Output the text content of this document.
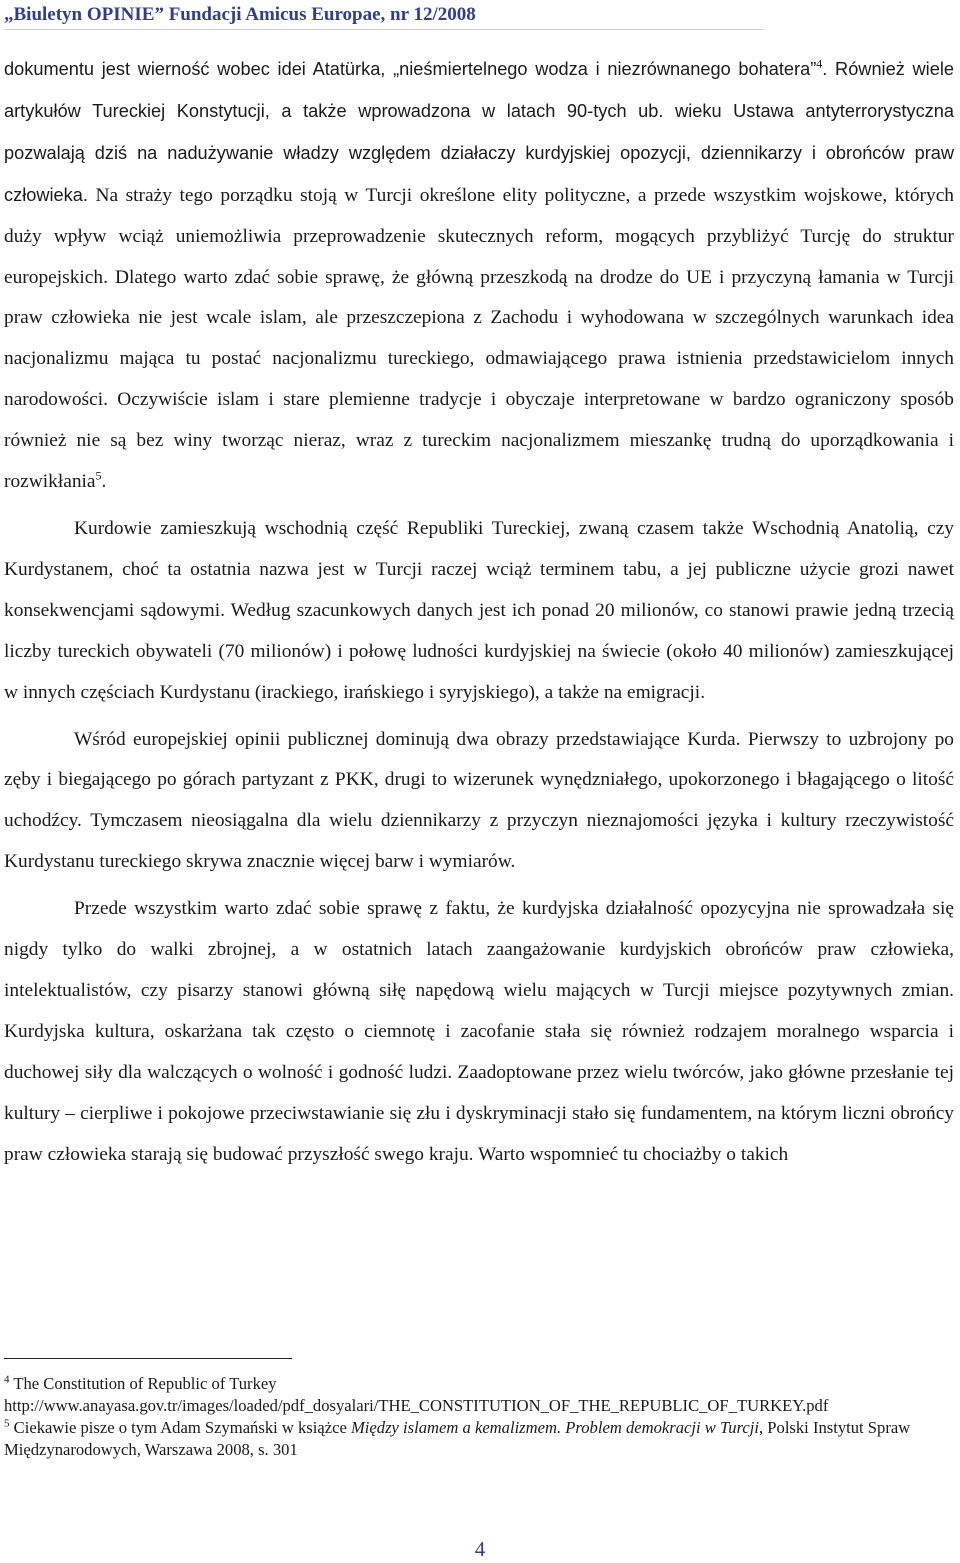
„Biuletyn OPINIE” Fundacji Amicus Europae, nr 12/2008

dokumentu jest wierność wobec idei Atatürka, „nieśmiertelnego wodza i niezrównanego bohatera”$^4$. Również wiele artykułów Tureckiej Konstytucji, a także wprowadzona w latach 90-tych ub. wieku Ustawa antyterrorystyczna pozwalają dziś na nadużywanie władzy względem działaczy kurdyjskiej opozycji, dziennikarzy i obrońców praw człowieka. Na straży tego porządku stoją w Turcji określone elity polityczne, a przede wszystkim wojskowe, których duży wpływ wciąż uniemożliwia przeprowadzenie skutecznych reform, mogących przybliżyć Turcję do struktur europejskich. Dlatego warto zdać sobie sprawę, że główną przeszkodą na drodze do UE i przyczyną łamania w Turcji praw człowieka nie jest wcale islam, ale przeszczepiona z Zachodu i wyhodowana w szczególnych warunkach idea nacjonalizmu mająca tu postać nacjonalizmu tureckiego, odmawiającego prawa istnienia przedstawicielom innych narodowości. Oczywiście islam i stare plemienne tradycje i obyczaje interpretowane w bardzo ograniczony sposób również nie są bez winy tworząc nieraz, wraz z tureckim nacjonalizmem mieszankę trudną do uporządkowania i rozwikłania$^5$.

Kurdowie zamieszkują wschodnią część Republiki Tureckiej, zwaną czasem także Wschodnią Anatolią, czy Kurdystanem, choć ta ostatnia nazwa jest w Turcji raczej wciąż terminem tabu, a jej publiczne użycie grozi nawet konsekwencjami sądowymi. Według szacunkowych danych jest ich ponad 20 milionów, co stanowi prawie jedną trzecią liczby tureckich obywateli (70 milionów) i połowę ludności kurdyjskiej na świecie (około 40 milionów) zamieszkującej w innych częściach Kurdystanu (irackiego, irańskiego i syryjskiego), a także na emigracji.

Wśród europejskiej opinii publicznej dominują dwa obrazy przedstawiające Kurda. Pierwszy to uzbrojony po zęby i biegającego po górach partyzant z PKK, drugi to wizerunek wynędzniałego, upokorzonego i błagającego o litość uchodźcy. Tymczasem nieosiągalna dla wielu dziennikarzy z przyczyn nieznajomości języka i kultury rzeczywistość Kurdystanu tureckiego skrywa znacznie więcej barw i wymiarów.

Przede wszystkim warto zdać sobie sprawę z faktu, że kurdyjska działalność opozycyjna nie sprowadzała się nigdy tylko do walki zbrojnej, a w ostatnich latach zaangażowanie kurdyjskich obrońców praw człowieka, intelektualistów, czy pisarzy stanowi główną siłę napędową wielu mających w Turcji miejsce pozytywnych zmian. Kurdyjska kultura, oskarżana tak często o ciemnotę i zacofanie stała się również rodzajem moralnego wsparcia i duchowej siły dla walczących o wolność i godność ludzi. Zaadoptowane przez wielu twórców, jako główne przesłanie tej kultury – cierpliwe i pokojowe przeciwstawianie się złu i dyskryminacji stało się fundamentem, na którym liczni obrońcy praw człowieka starają się budować przyszłość swego kraju. Warto wspomnieć tu chociażby o takich

$^4$ The Constitution of Republic of Turkey
http://www.anayasa.gov.tr/images/loaded/pdf_dosyalari/THE_CONSTITUTION_OF_THE_REPUBLIC_OF_TURKEY.pdf

$^5$ Ciekawie pisze o tym Adam Szymański w książce Między islamem a kemalizmem. Problem demokracji w Turcji, Polski Instytut Spraw Międzynarodowych, Warszawa 2008, s. 301

4
